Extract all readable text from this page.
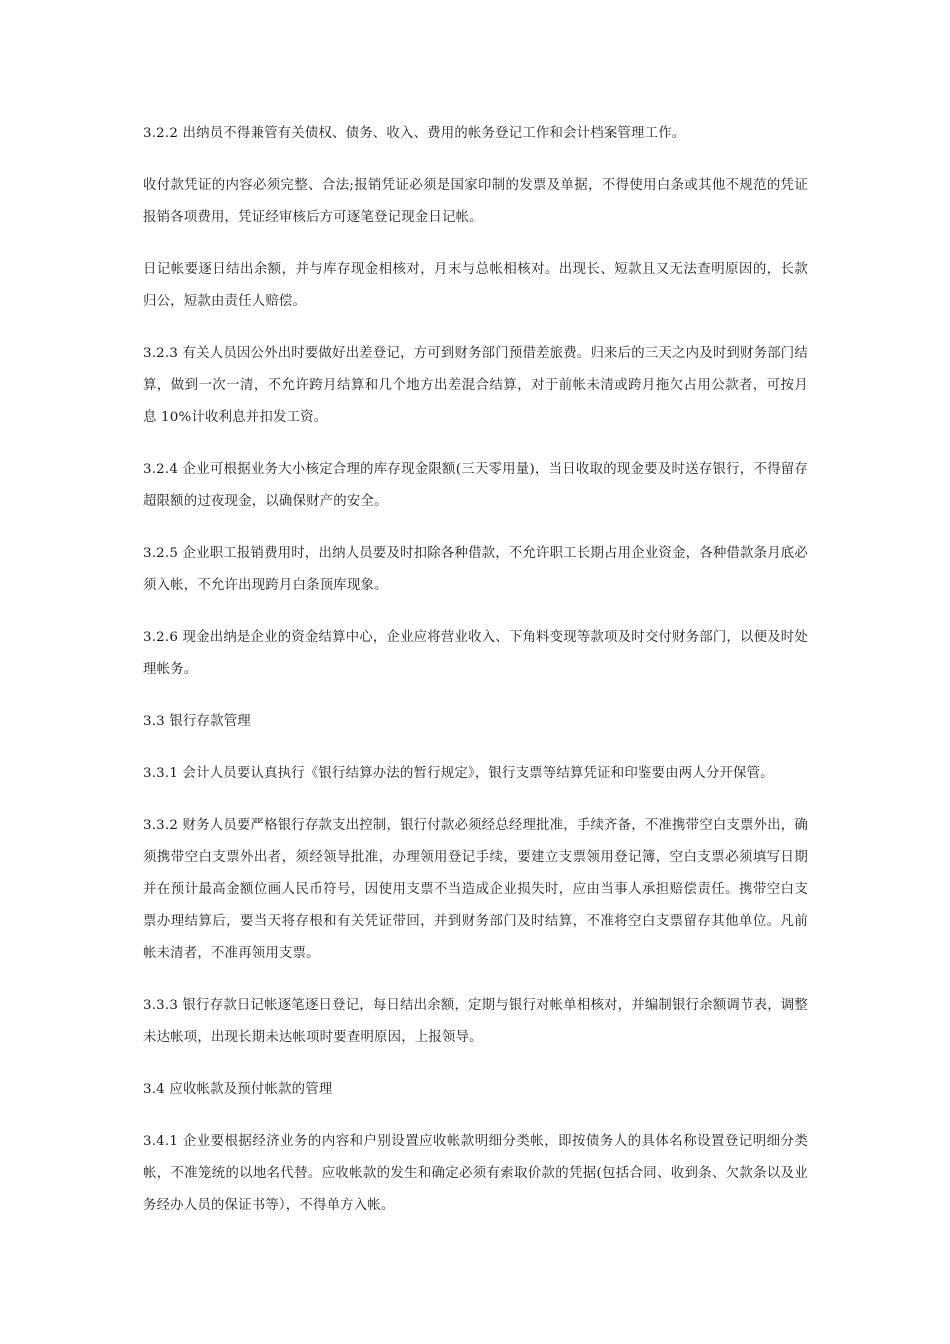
3.2.2 出纳员不得兼管有关债权、债务、收入、费用的帐务登记工作和会计档案管理工作。

收付款凭证的内容必须完整、合法;报销凭证必须是国家印制的发票及单据，不得使用白条或其他不规范的凭证报销各项费用，凭证经审核后方可逐笔登记现金日记帐。

日记帐要逐日结出余额，并与库存现金相核对，月末与总帐相核对。出现长、短款且又无法查明原因的，长款归公，短款由责任人赔偿。

3.2.3 有关人员因公外出时要做好出差登记，方可到财务部门预借差旅费。归来后的三天之内及时到财务部门结算，做到一次一清，不允许跨月结算和几个地方出差混合结算，对于前帐未清或跨月拖欠占用公款者，可按月息 10%计收利息并扣发工资。

3.2.4 企业可根据业务大小核定合理的库存现金限额(三天零用量)，当日收取的现金要及时送存银行，不得留存超限额的过夜现金，以确保财产的安全。

3.2.5 企业职工报销费用时，出纳人员要及时扣除各种借款，不允许职工长期占用企业资金，各种借款条月底必须入帐，不允许出现跨月白条顶库现象。

3.2.6 现金出纳是企业的资金结算中心，企业应将营业收入、下角料变现等款项及时交付财务部门，以便及时处理帐务。

3.3 银行存款管理

3.3.1 会计人员要认真执行《银行结算办法的暂行规定》，银行支票等结算凭证和印鉴要由两人分开保管。

3.3.2 财务人员要严格银行存款支出控制，银行付款必须经总经理批准，手续齐备，不准携带空白支票外出，确须携带空白支票外出者，须经领导批准，办理领用登记手续，要建立支票领用登记簿，空白支票必须填写日期并在预计最高金额位画人民币符号，因使用支票不当造成企业损失时，应由当事人承担赔偿责任。携带空白支票办理结算后，要当天将存根和有关凭证带回，并到财务部门及时结算，不准将空白支票留存其他单位。凡前帐未清者，不准再领用支票。

3.3.3 银行存款日记帐逐笔逐日登记，每日结出余额，定期与银行对帐单相核对，并编制银行余额调节表，调整未达帐项，出现长期未达帐项时要查明原因，上报领导。

3.4 应收帐款及预付帐款的管理

3.4.1 企业要根据经济业务的内容和户别设置应收帐款明细分类帐，即按债务人的具体名称设置登记明细分类帐，不准笼统的以地名代替。应收帐款的发生和确定必须有索取价款的凭据(包括合同、收到条、欠款条以及业务经办人员的保证书等），不得单方入帐。
